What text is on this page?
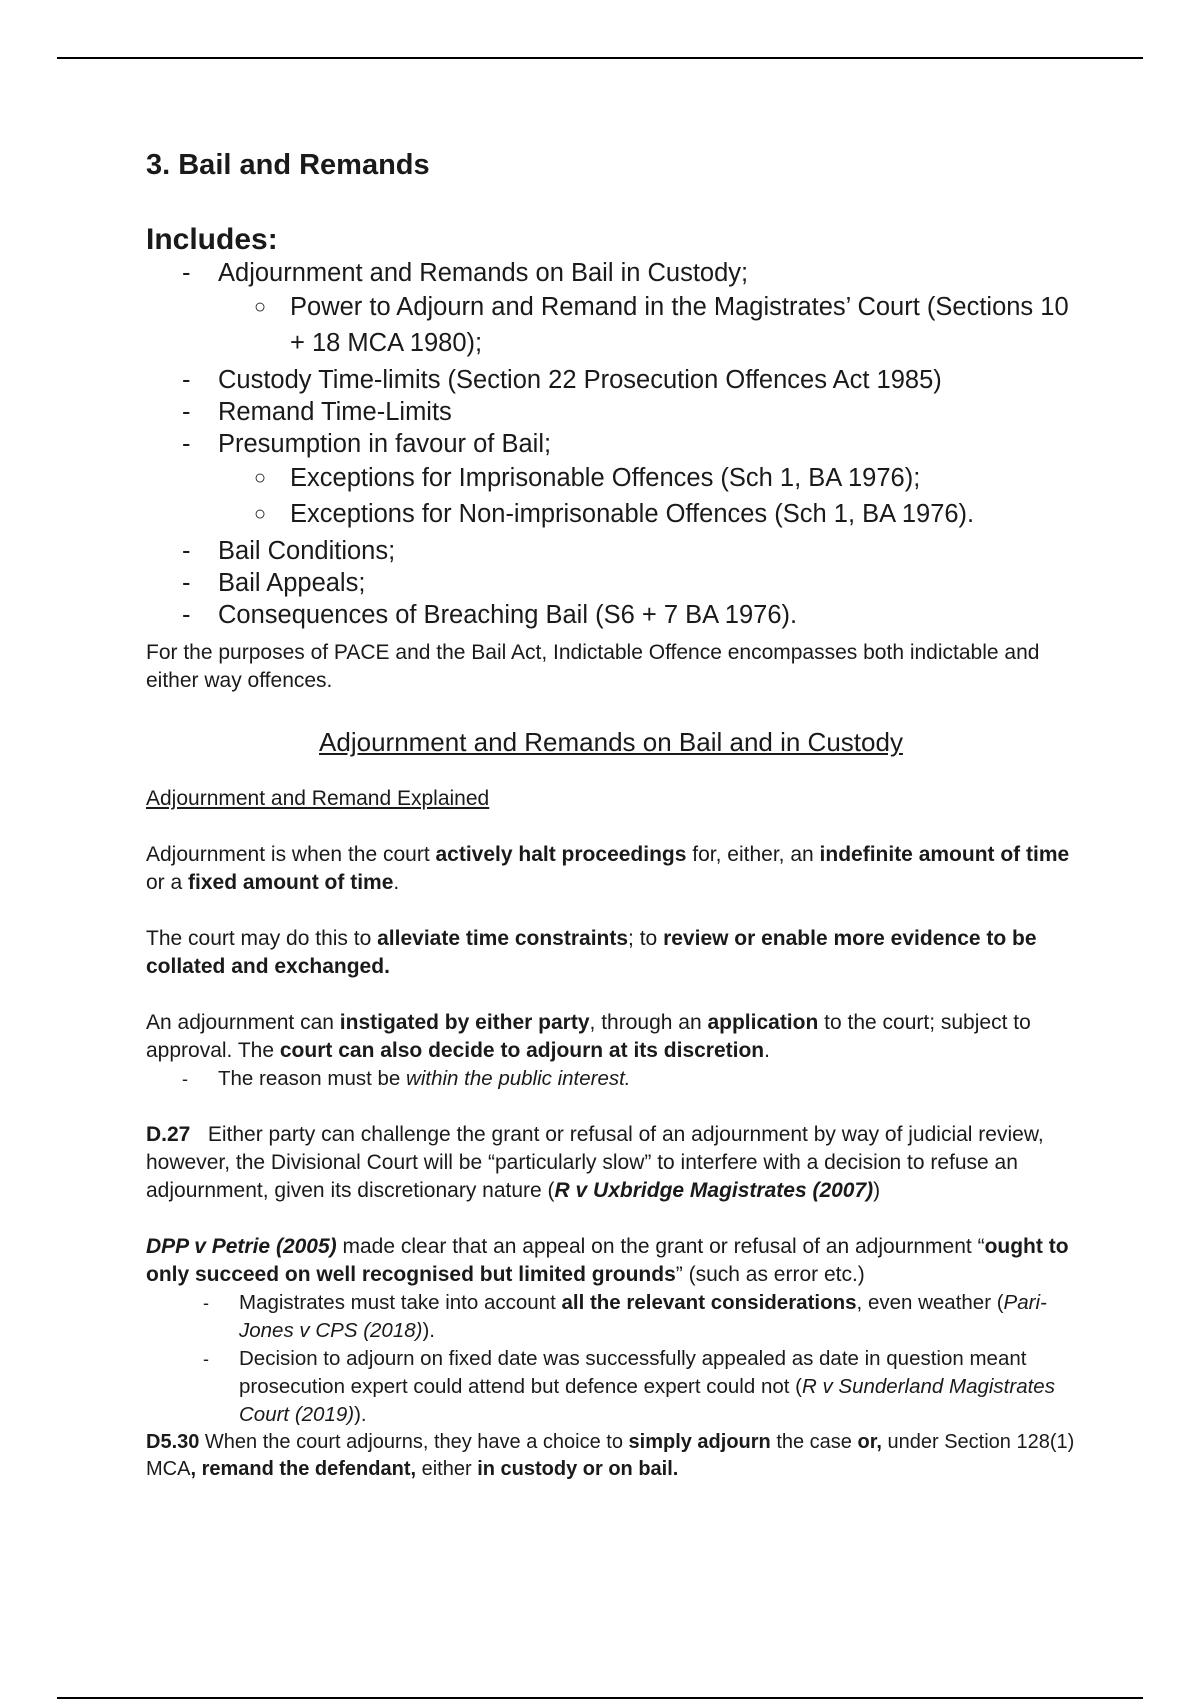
3. Bail and Remands
Includes:
- Adjournment and Remands on Bail in Custody;
○ Power to Adjourn and Remand in the Magistrates’ Court (Sections 10 + 18 MCA 1980);
- Custody Time-limits (Section 22 Prosecution Offences Act 1985)
- Remand Time-Limits
- Presumption in favour of Bail;
○ Exceptions for Imprisonable Offences (Sch 1, BA 1976);
○ Exceptions for Non-imprisonable Offences (Sch 1, BA 1976).
- Bail Conditions;
- Bail Appeals;
- Consequences of Breaching Bail (S6 + 7 BA 1976).

For the purposes of PACE and the Bail Act, Indictable Offence encompasses both indictable and either way offences.

Adjournment and Remands on Bail and in Custody
Adjournment and Remand Explained

Adjournment is when the court actively halt proceedings for, either, an indefinite amount of time or a fixed amount of time.

The court may do this to alleviate time constraints; to review or enable more evidence to be collated and exchanged.

An adjournment can instigated by either party, through an application to the court; subject to approval. The court can also decide to adjourn at its discretion.

- The reason must be within the public interest.

D.27   Either party can challenge the grant or refusal of an adjournment by way of judicial review, however, the Divisional Court will be “particularly slow” to interfere with a decision to refuse an adjournment, given its discretionary nature (R v Uxbridge Magistrates (2007))

DPP v Petrie (2005) made clear that an appeal on the grant or refusal of an adjournment “ought to only succeed on well recognised but limited grounds” (such as error etc.)

- Magistrates must take into account all the relevant considerations, even weather (Pari-Jones v CPS (2018)).
- Decision to adjourn on fixed date was successfully appealed as date in question meant prosecution expert could attend but defence expert could not (R v Sunderland Magistrates Court (2019)).

D5.30 When the court adjourns, they have a choice to simply adjourn the case or, under Section 128(1) MCA, remand the defendant, either in custody or on bail.
